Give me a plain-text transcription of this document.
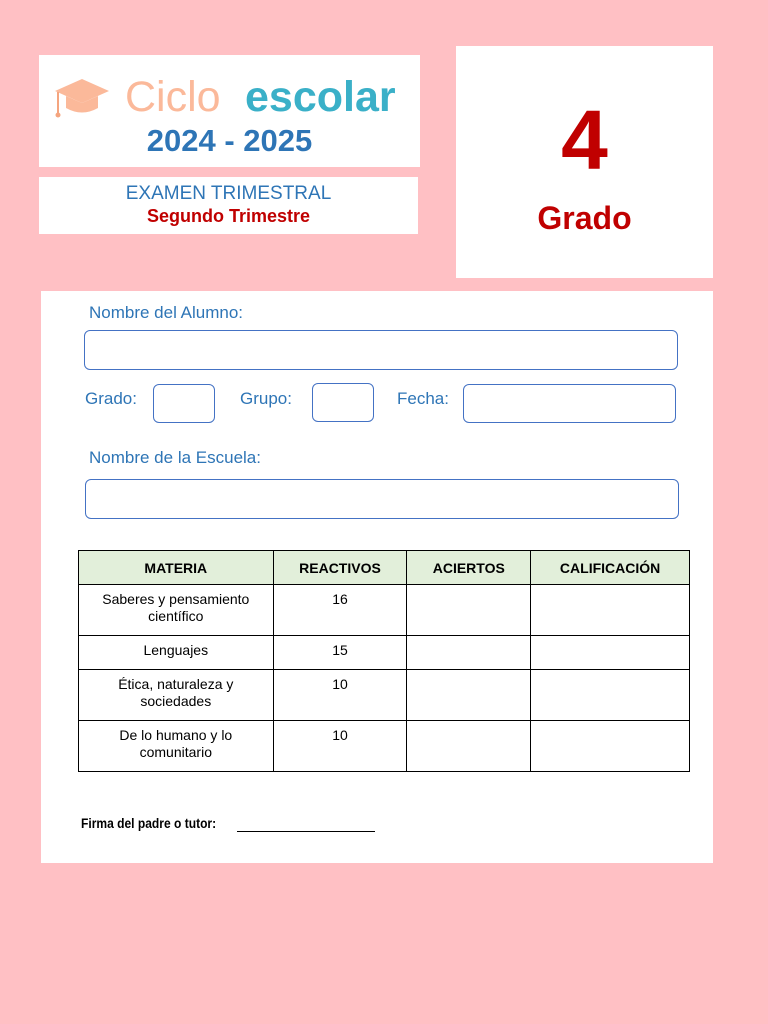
Ciclo escolar
2024 - 2025
EXAMEN TRIMESTRAL
Segundo Trimestre
4
Grado
Nombre del Alumno:
Grado:	Grupo:	Fecha:
Nombre de la Escuela:
MATERIA	REACTIVOS	ACIERTOS	CALIFICACIÓN
Saberes y pensamiento científico	16		
Lenguajes	15		
Ética, naturaleza y sociedades	10		
De lo humano y lo comunitario	10		
Firma del padre o tutor:
